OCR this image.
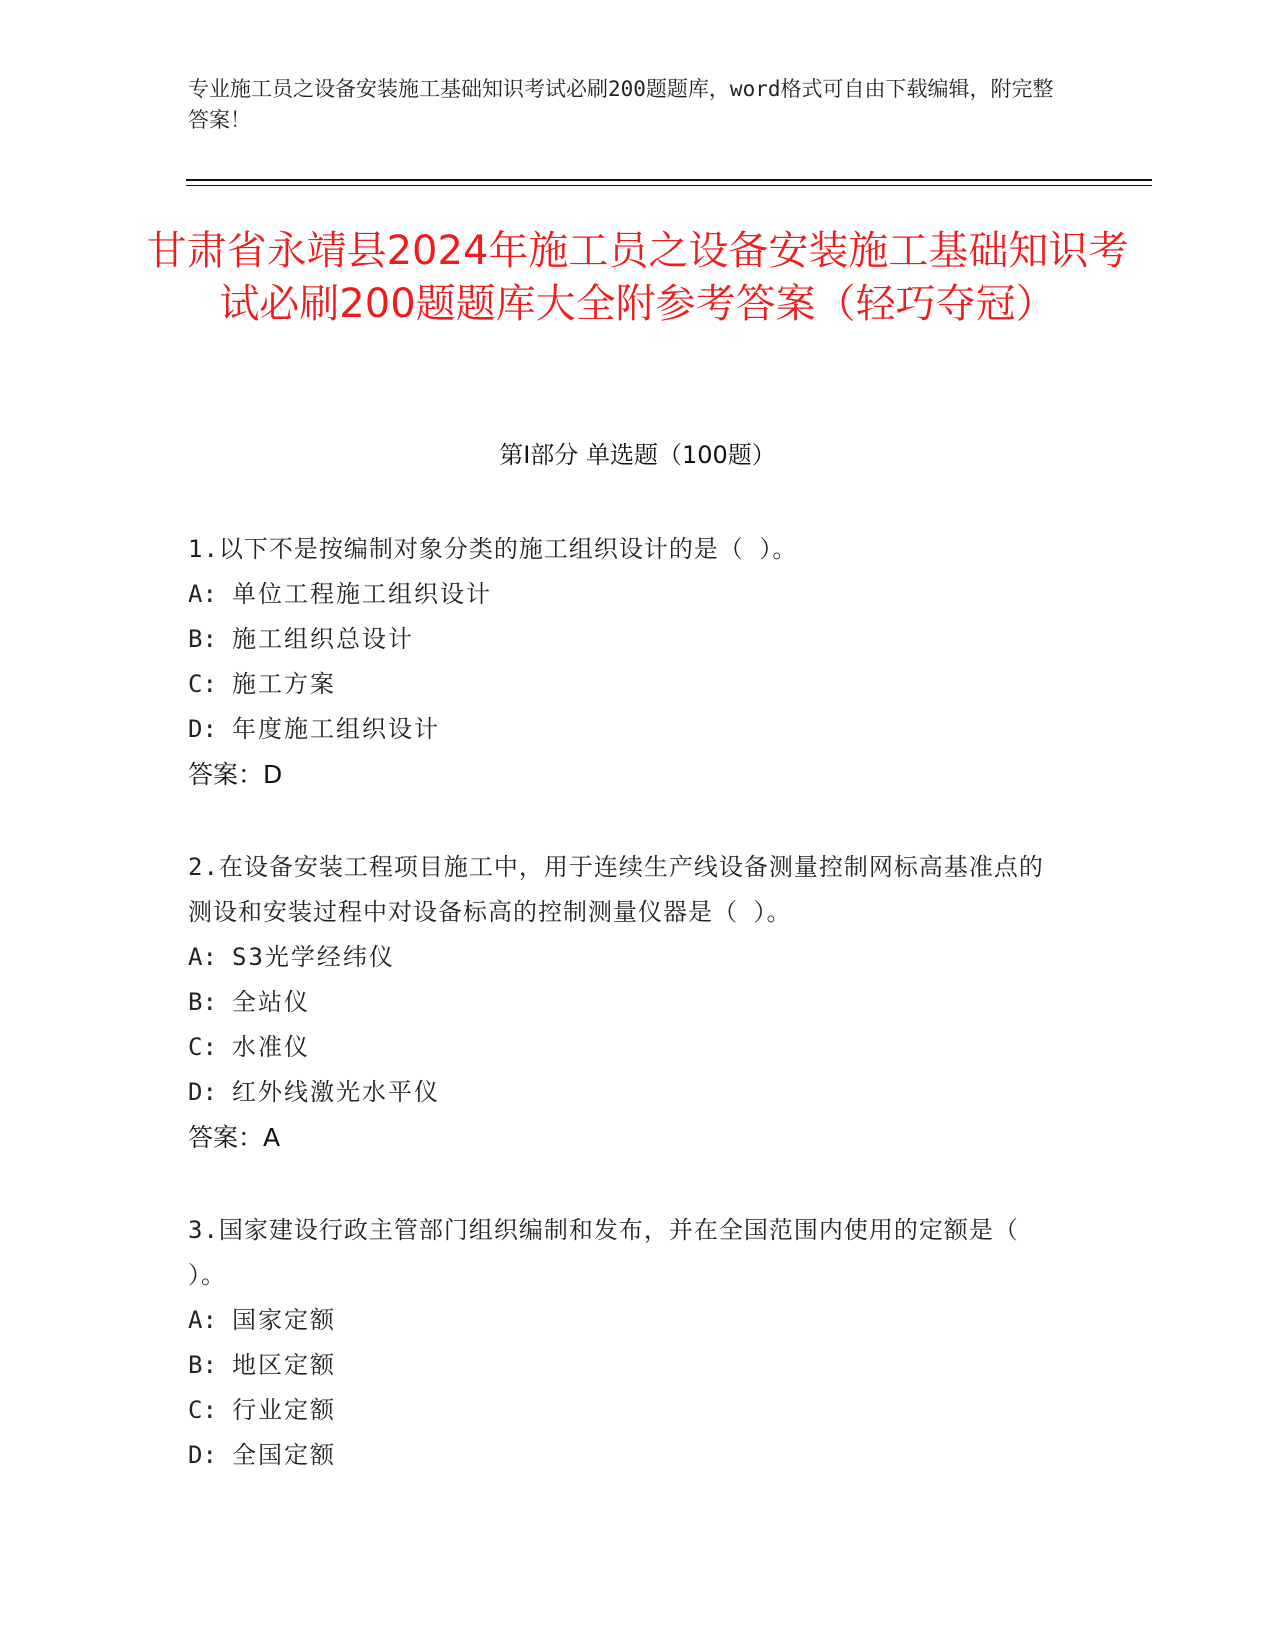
专业施工员之设备安装施工基础知识考试必刷200题题库，word格式可自由下载编辑，附完整答案！
甘肃省永靖县2024年施工员之设备安装施工基础知识考试必刷200题题库大全附参考答案（轻巧夺冠）
第Ⅰ部分 单选题（100题）

1.以下不是按编制对象分类的施工组织设计的是（ ）。

A: 单位工程施工组织设计
B: 施工组织总设计
C: 施工方案
D: 年度施工组织设计

答案：D

2.在设备安装工程项目施工中，用于连续生产线设备测量控制网标高基准点的测设和安装过程中对设备标高的控制测量仪器是（ ）。

A: S3光学经纬仪
B: 全站仪
C: 水准仪
D: 红外线激光水平仪

答案：A

3.国家建设行政主管部门组织编制和发布，并在全国范围内使用的定额是（ ）。

A: 国家定额
B: 地区定额
C: 行业定额
D: 全国定额
